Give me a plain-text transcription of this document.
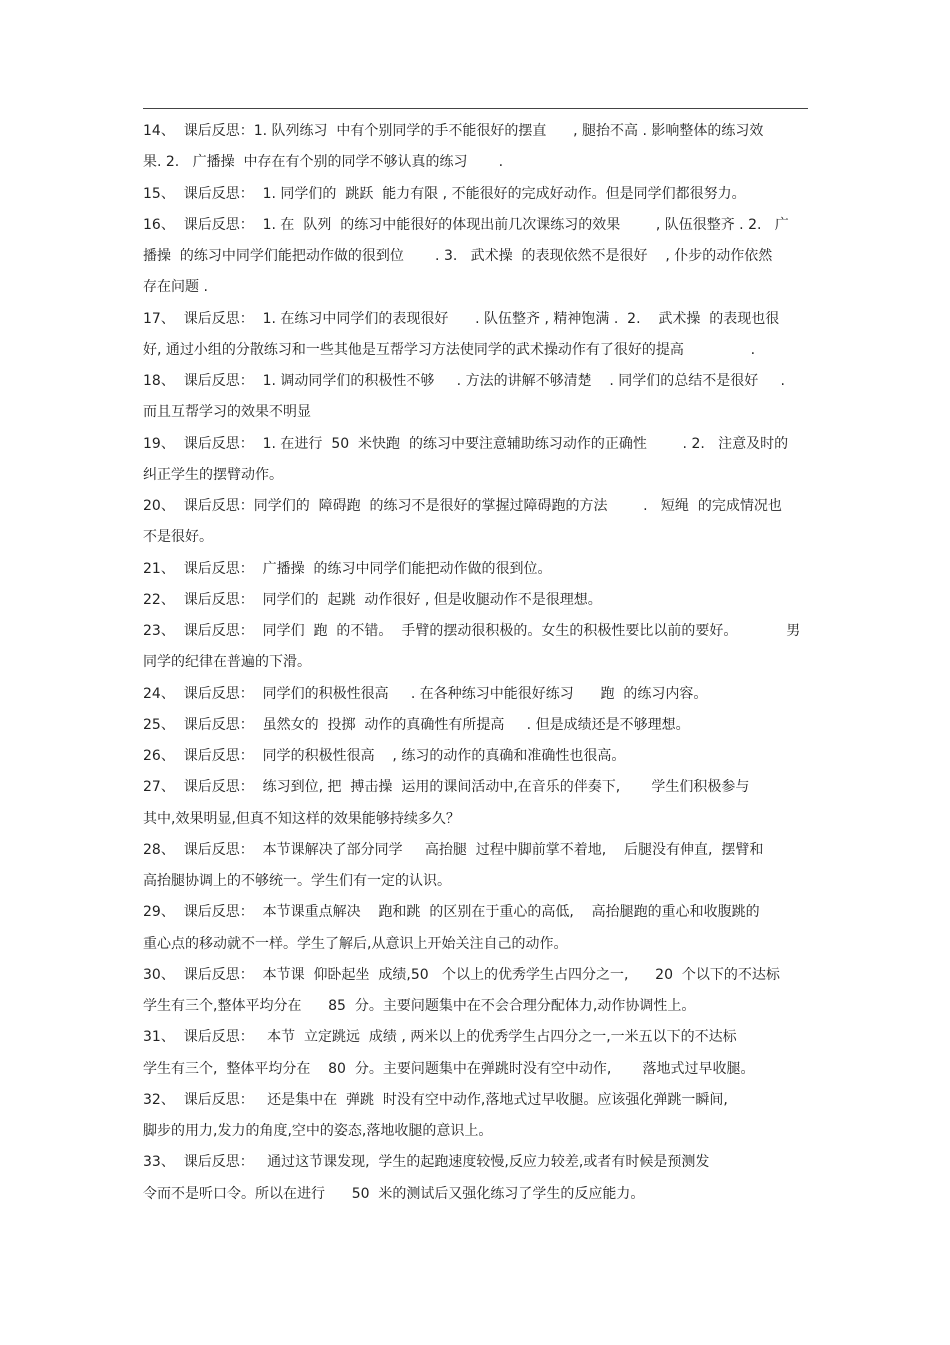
14、  课后反思：1. 队列练习  中有个别同学的手不能很好的摆直      , 腿抬不高 . 影响整体的练习效

果. 2.   广播操  中存在有个别的同学不够认真的练习       .

15、  课后反思：  1. 同学们的  跳跃  能力有限 , 不能很好的完成好动作。但是同学们都很努力。

16、  课后反思：  1. 在  队列  的练习中能很好的体现出前几次课练习的效果        , 队伍很整齐 . 2.   广

播操  的练习中同学们能把动作做的很到位       . 3.   武术操  的表现依然不是很好    , 仆步的动作依然

存在问题 .

17、  课后反思：  1. 在练习中同学们的表现很好      . 队伍整齐 , 精神饱满 .  2.    武术操  的表现也很

好, 通过小组的分散练习和一些其他是互帮学习方法使同学的武术操动作有了很好的提高               .

18、  课后反思：  1. 调动同学们的积极性不够     . 方法的讲解不够清楚    . 同学们的总结不是很好     .

而且互帮学习的效果不明显

19、  课后反思：  1. 在进行  50  米快跑  的练习中要注意辅助练习动作的正确性        . 2.   注意及时的

纠正学生的摆臂动作。

20、  课后反思：同学们的  障碍跑  的练习不是很好的掌握过障碍跑的方法        .   短绳  的完成情况也

不是很好。

21、  课后反思：  广播操  的练习中同学们能把动作做的很到位。

22、  课后反思：  同学们的  起跳  动作很好 , 但是收腿动作不是很理想。

23、  课后反思：  同学们  跑  的不错。  手臂的摆动很积极的。女生的积极性要比以前的要好。           男

同学的纪律在普遍的下滑。

24、  课后反思：  同学们的积极性很高     . 在各种练习中能很好练习      跑  的练习内容。

25、  课后反思：  虽然女的  投掷  动作的真确性有所提高     . 但是成绩还是不够理想。

26、  课后反思：  同学的积极性很高    , 练习的动作的真确和准确性也很高。

27、  课后反思：  练习到位, 把  搏击操  运用的课间活动中,在音乐的伴奏下,       学生们积极参与

其中,效果明显,但真不知这样的效果能够持续多久？

28、  课后反思：  本节课解决了部分同学     高抬腿  过程中脚前掌不着地,    后腿没有伸直,  摆臂和

高抬腿协调上的不够统一。学生们有一定的认识。

29、  课后反思：  本节课重点解决    跑和跳  的区别在于重心的高低,    高抬腿跑的重心和收腹跳的

重心点的移动就不一样。学生了解后,从意识上开始关注自己的动作。

30、  课后反思：  本节课  仰卧起坐  成绩,50   个以上的优秀学生占四分之一,      20  个以下的不达标

学生有三个,整体平均分在      85  分。主要问题集中在不会合理分配体力,动作协调性上。

31、  课后反思：   本节  立定跳远  成绩 , 两米以上的优秀学生占四分之一,一米五以下的不达标

学生有三个,  整体平均分在    80  分。主要问题集中在弹跳时没有空中动作,       落地式过早收腿。

32、  课后反思：   还是集中在  弹跳  时没有空中动作,落地式过早收腿。应该强化弹跳一瞬间,

脚步的用力,发力的角度,空中的姿态,落地收腿的意识上。

33、  课后反思：   通过这节课发现,  学生的起跑速度较慢,反应力较差,或者有时候是预测发

令而不是听口令。所以在进行      50  米的测试后又强化练习了学生的反应能力。
